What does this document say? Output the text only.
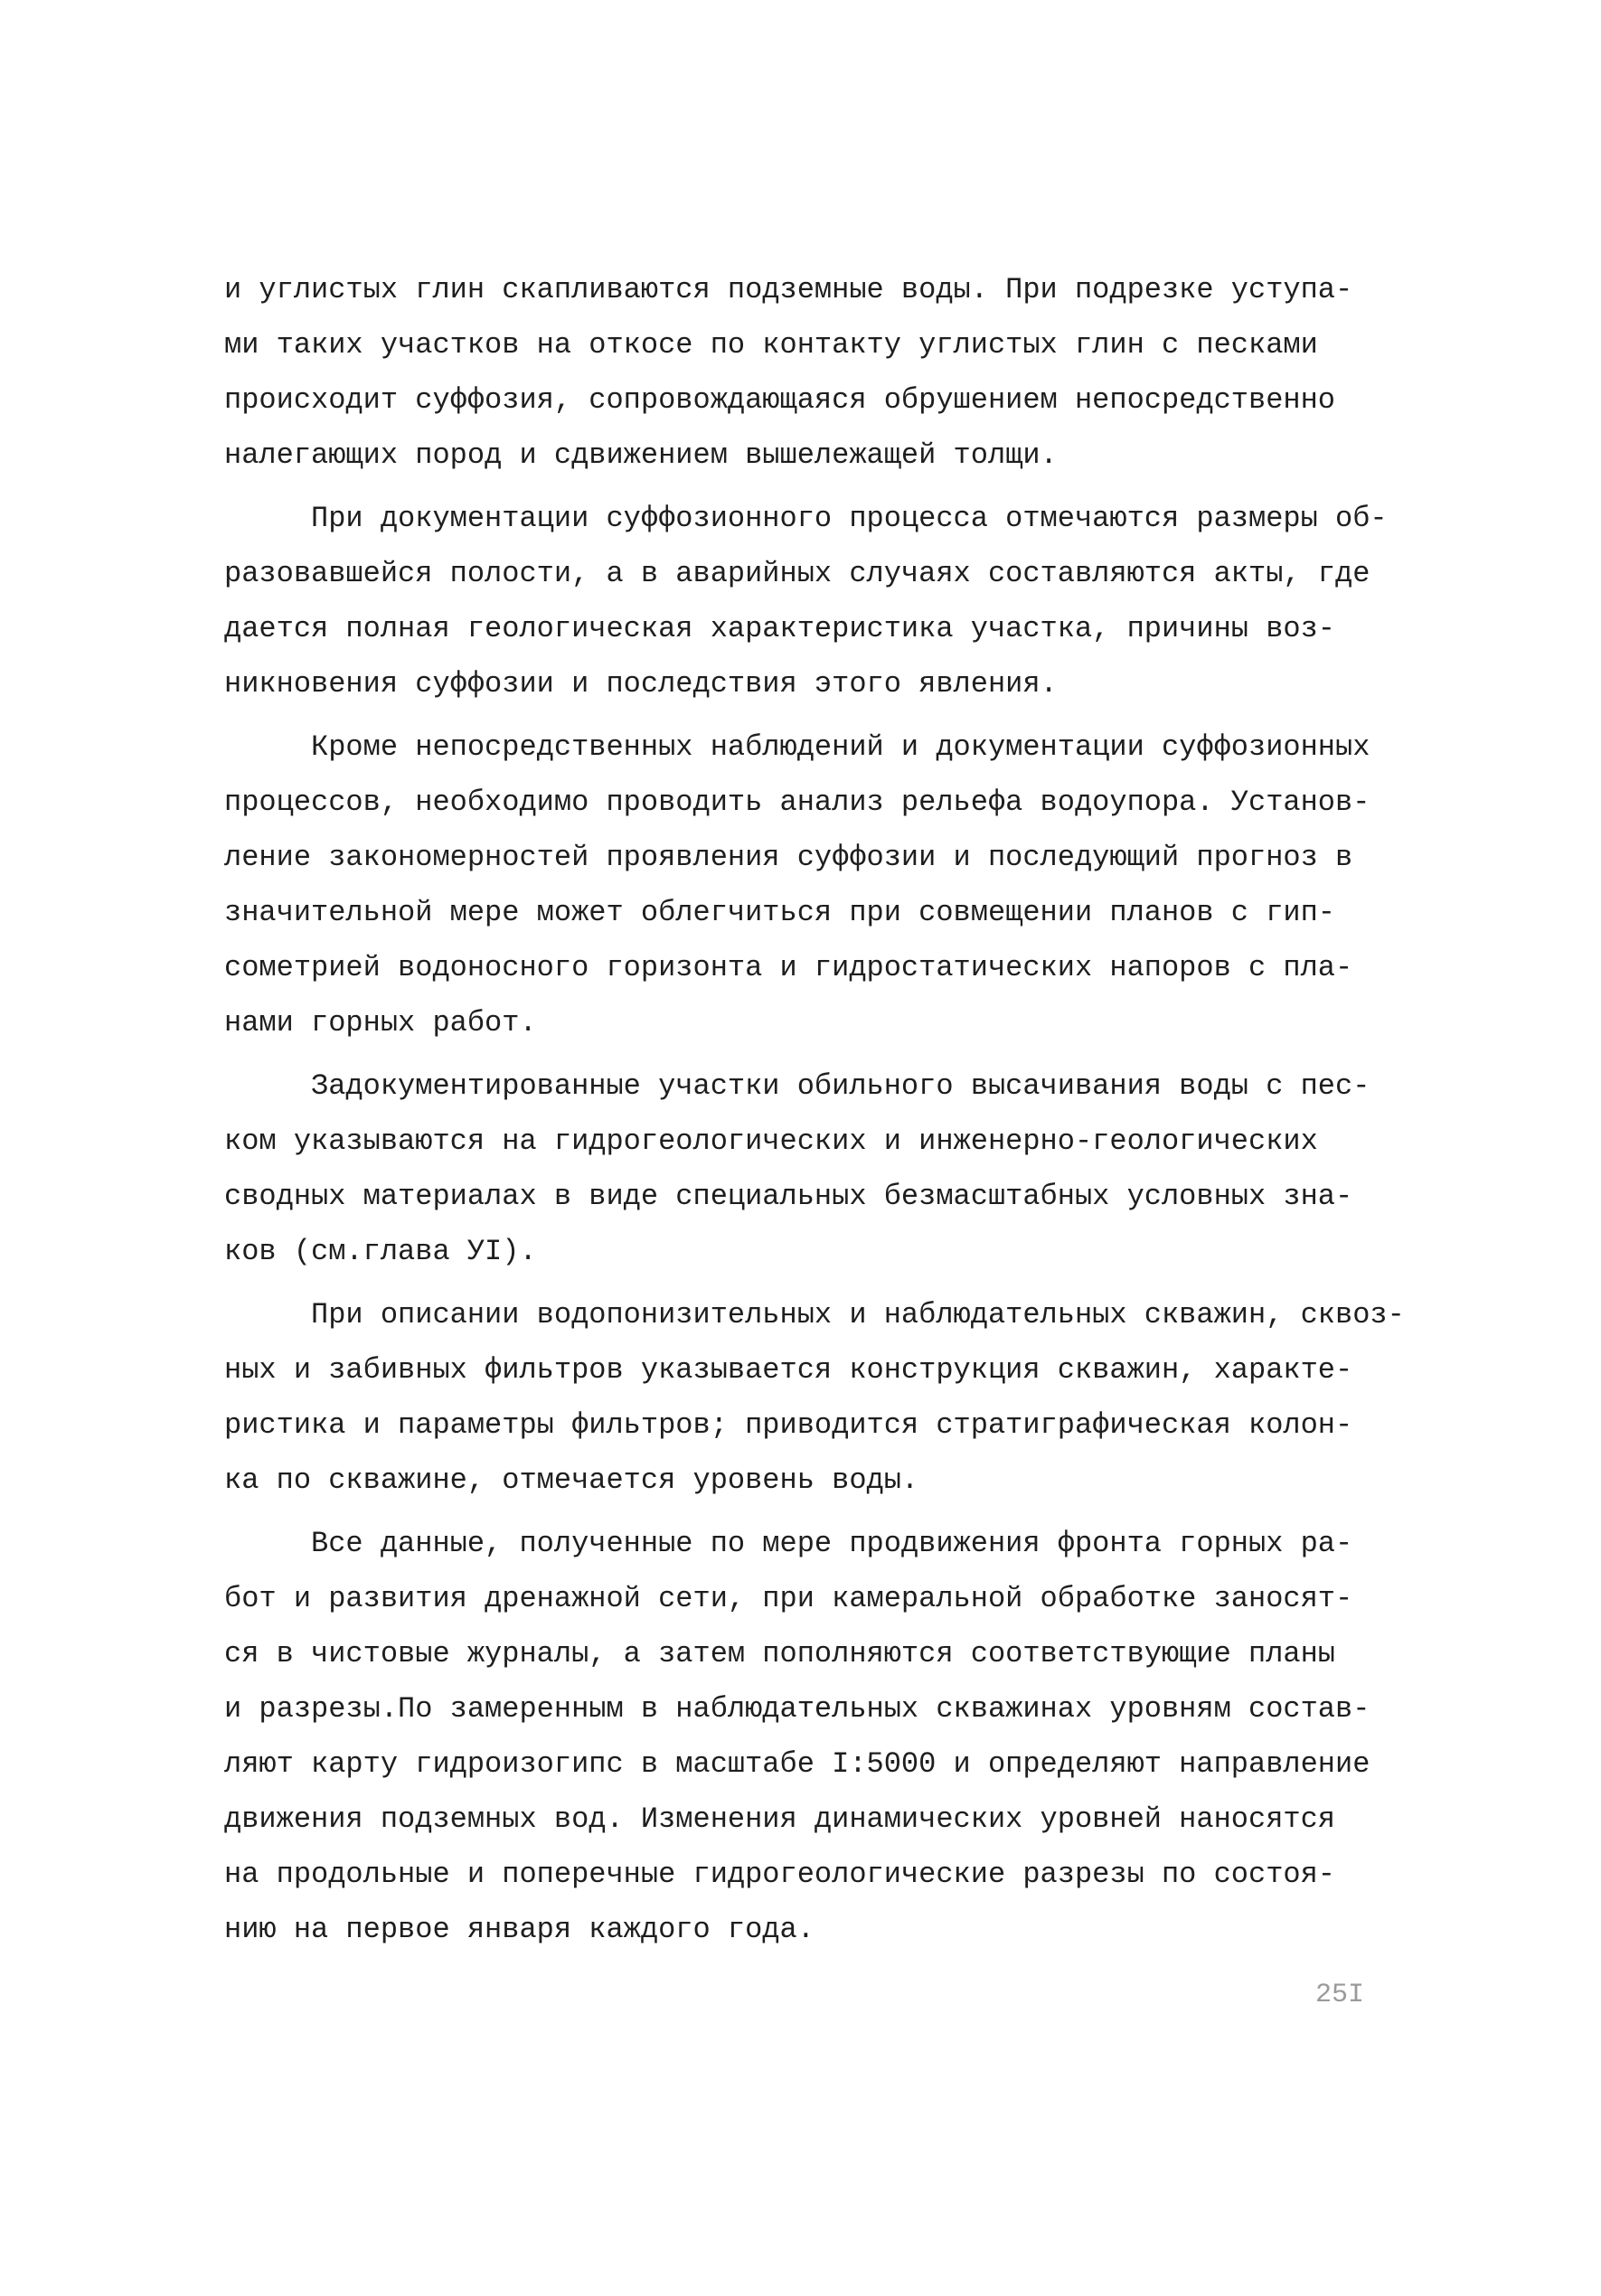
и углистых глин скапливаются подземные воды. При подрезке уступа-
ми таких участков на откосе по контакту углистых глин с песками
происходит суффозия, сопровождающаяся обрушением непосредственно
налегающих пород и сдвижением вышележащей толщи.
При документации суффозионного процесса отмечаются размеры об-
разовавшейся полости, а в аварийных случаях составляются акты, где
дается полная геологическая характеристика участка, причины воз-
никновения суффозии и последствия этого явления.
Кроме непосредственных наблюдений и документации суффозионных
процессов, необходимо проводить анализ рельефа водоупора. Установ-
ление закономерностей проявления суффозии и последующий прогноз в
значительной мере может облегчиться при совмещении планов с гип-
сометрией водоносного горизонта и гидростатических напоров с пла-
нами горных работ.
Задокументированные участки обильного высачивания воды с пес-
ком указываются на гидрогеологических и инженерно-геологических
сводных материалах в виде специальных безмасштабных условных зна-
ков (см.глава УI).
При описании водопонизительных и наблюдательных скважин, сквоз-
ных и забивных фильтров указывается конструкция скважин, характе-
ристика и параметры фильтров; приводится стратиграфическая колон-
ка по скважине, отмечается уровень воды.
Все данные, полученные по мере продвижения фронта горных ра-
бот и развития дренажной сети, при камеральной обработке заносят-
ся в чистовые журналы, а затем пополняются соответствующие планы
и разрезы.По замеренным в наблюдательных скважинах уровням состав-
ляют карту гидроизогипс в масштабе I:5000 и определяют направление
движения подземных вод. Изменения динамических уровней наносятся
на продольные и поперечные гидрогеологические разрезы по состоя-
нию на первое января каждого года.
25I
